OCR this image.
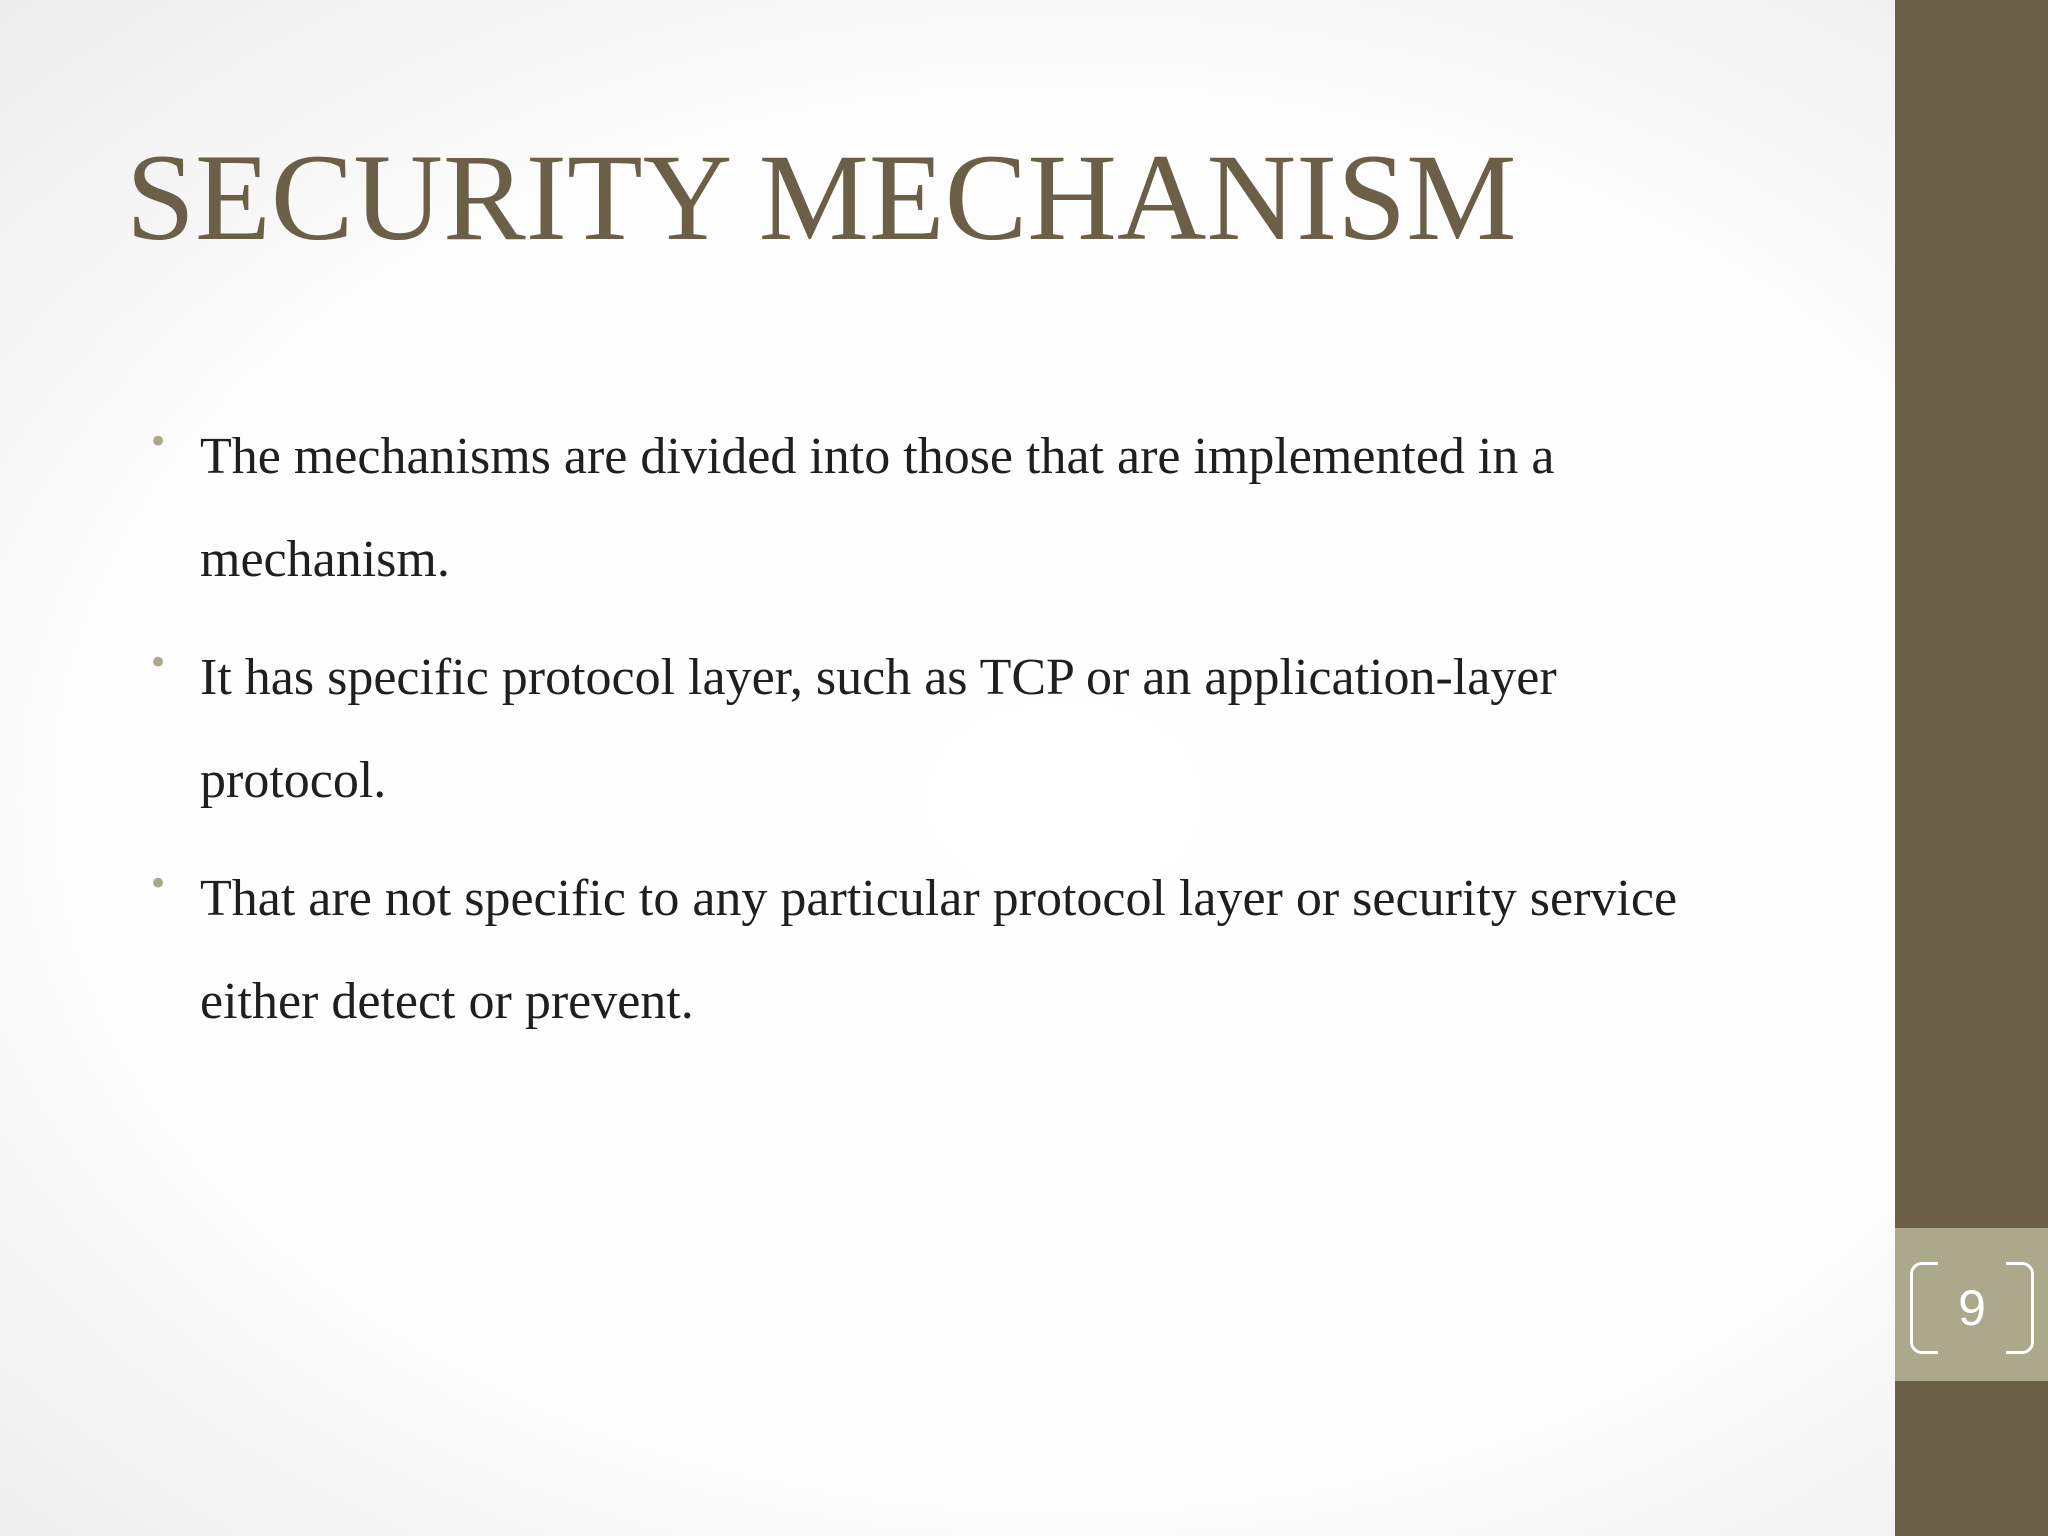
9
SECURITY MECHANISM
• The mechanisms are divided into those that are implemented in a mechanism.
• It has specific protocol layer, such as TCP or an application-layer protocol.
• That are not specific to any particular protocol layer or security service either detect or prevent.
